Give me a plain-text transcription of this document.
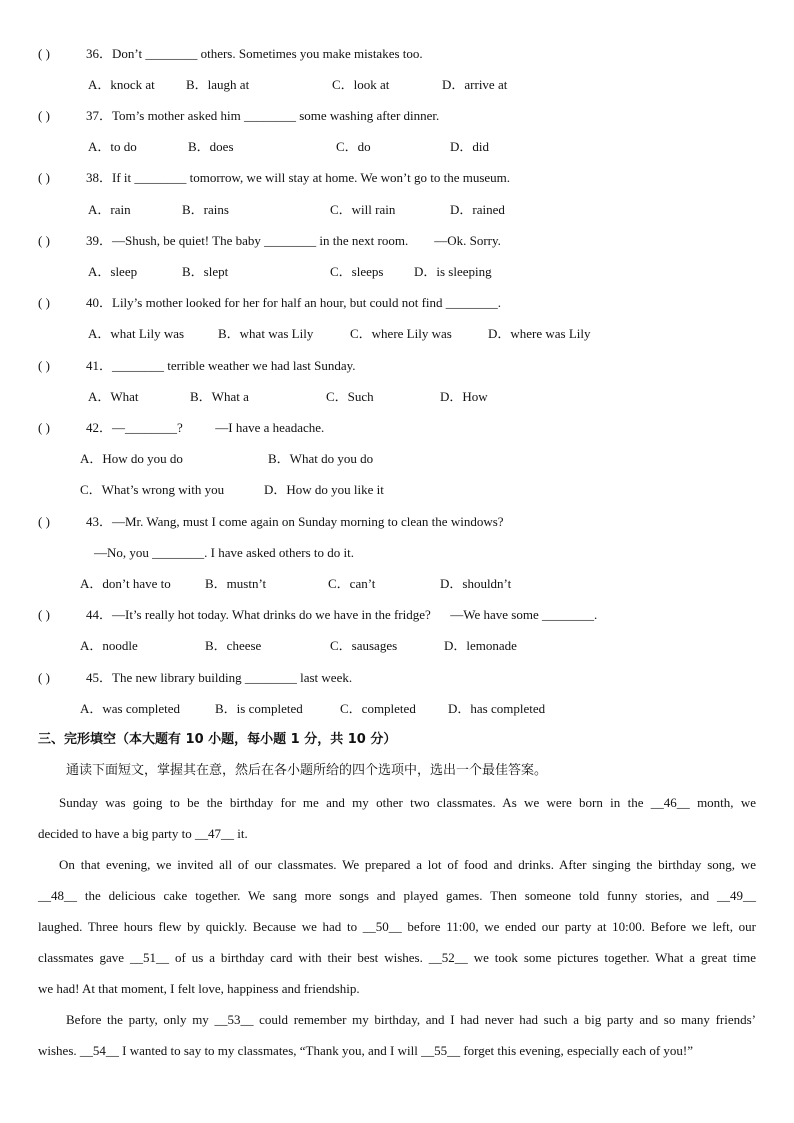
( )	36．Don’t ________ others. Sometimes you make mistakes too.
A．knock at B．laugh at	C．look at	D．arrive at
( )	37．Tom’s mother asked him ________ some washing after dinner.
A．to do	B．does	C．do	D．did
( )	38．If it ________ tomorrow, we will stay at home. We won’t go to the museum.
A．rain	B．rains	C．will rain	D．rained
( )	39．—Shush, be quiet! The baby ________ in the next room.        —Ok. Sorry.
A．sleep	B．slept	C．sleeps D．is sleeping
( )	40．Lily’s mother looked for her for half an hour, but could not find ________.
A．what Lily was	B．what was Lily	C．where Lily was	D．where was Lily
( )	41．________ terrible weather we had last Sunday.
A．What	B．What a	C．Such	D．How
( )	42．—________?          —I have a headache.
A．How do you do	B．What do you do
C．What’s wrong with you	D．How do you like it
( )	43．—Mr. Wang, must I come again on Sunday morning to clean the windows?
—No, you ________. I have asked others to do it.
A．don’t have to	B．mustn’t	C．can’t	D．shouldn’t
( )	44．—It’s really hot today. What drinks do we have in the fridge?      —We have some ________.
A．noodle	B．cheese	C．sausages	D．lemonade
( )	45．The new library building ________ last week.
A．was completed	B．is completed	C．completed D．has completed
三、完形填空（本大题有 10 小题，每小题 1 分，共 10 分）
通读下面短文，掌握其在意，然后在各小题所给的四个选项中，选出一个最佳答案。
Sunday was going to be the birthday for me and my other two classmates. As we were born in the __46__ month, we
decided to have a big party to __47__ it.
On that evening, we invited all of our classmates. We prepared a lot of food and drinks. After singing the birthday song, we
__48__ the delicious cake together. We sang more songs and played games. Then someone told funny stories, and __49__
laughed. Three hours flew by quickly. Because we had to __50__ before 11:00, we ended our party at 10:00. Before we left, our
classmates gave __51__ of us a birthday card with their best wishes. __52__ we took some pictures together. What a great time
we had! At that moment, I felt love, happiness and friendship.
Before the party, only my __53__ could remember my birthday, and I had never had such a big party and so many friends’
wishes. __54__ I wanted to say to my classmates, “Thank you, and I will __55__ forget this evening, especially each of you!”
